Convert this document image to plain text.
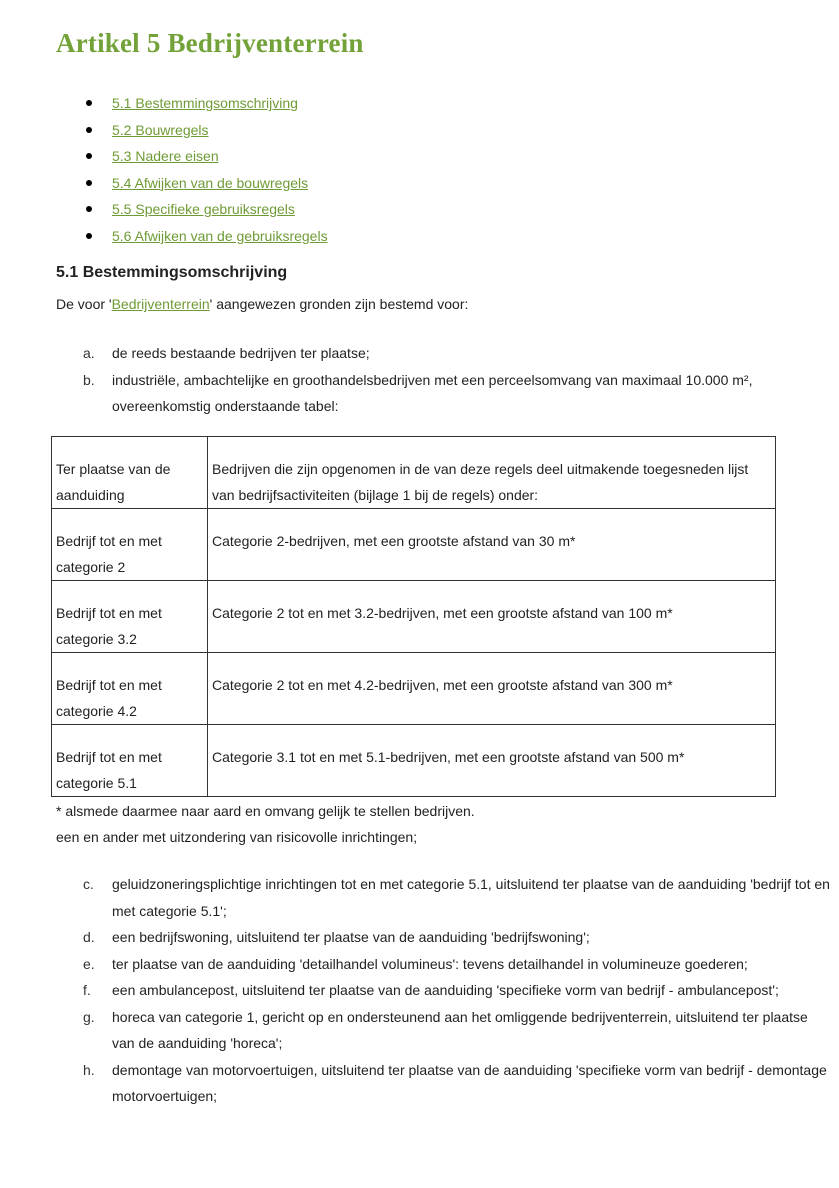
Artikel 5 Bedrijventerrein
5.1 Bestemmingsomschrijving
5.2 Bouwregels
5.3 Nadere eisen
5.4 Afwijken van de bouwregels
5.5 Specifieke gebruiksregels
5.6 Afwijken van de gebruiksregels
5.1 Bestemmingsomschrijving
De voor 'Bedrijventerrein' aangewezen gronden zijn bestemd voor:
a. de reeds bestaande bedrijven ter plaatse;
b. industriële, ambachtelijke en groothandelsbedrijven met een perceelsomvang van maximaal 10.000 m², overeenkomstig onderstaande tabel:
Ter plaatse van de aanduiding	Bedrijven die zijn opgenomen in de van deze regels deel uitmakende toegesneden lijst van bedrijfsactiviteiten (bijlage 1 bij de regels) onder:
Bedrijf tot en met categorie 2	Categorie 2-bedrijven, met een grootste afstand van 30 m*
Bedrijf tot en met categorie 3.2	Categorie 2 tot en met 3.2-bedrijven, met een grootste afstand van 100 m*
Bedrijf tot en met categorie 4.2	Categorie 2 tot en met 4.2-bedrijven, met een grootste afstand van 300 m*
Bedrijf tot en met categorie 5.1	Categorie 3.1 tot en met 5.1-bedrijven, met een grootste afstand van 500 m*
* alsmede daarmee naar aard en omvang gelijk te stellen bedrijven.
een en ander met uitzondering van risicovolle inrichtingen;
c. geluidzoneringsplichtige inrichtingen tot en met categorie 5.1, uitsluitend ter plaatse van de aanduiding 'bedrijf tot en met categorie 5.1';
d. een bedrijfswoning, uitsluitend ter plaatse van de aanduiding 'bedrijfswoning';
e. ter plaatse van de aanduiding 'detailhandel volumineus': tevens detailhandel in volumineuze goederen;
f. een ambulancepost, uitsluitend ter plaatse van de aanduiding 'specifieke vorm van bedrijf - ambulancepost';
g. horeca van categorie 1, gericht op en ondersteunend aan het omliggende bedrijventerrein, uitsluitend ter plaatse van de aanduiding 'horeca';
h. demontage van motorvoertuigen, uitsluitend ter plaatse van de aanduiding 'specifieke vorm van bedrijf - demontage motorvoertuigen;
